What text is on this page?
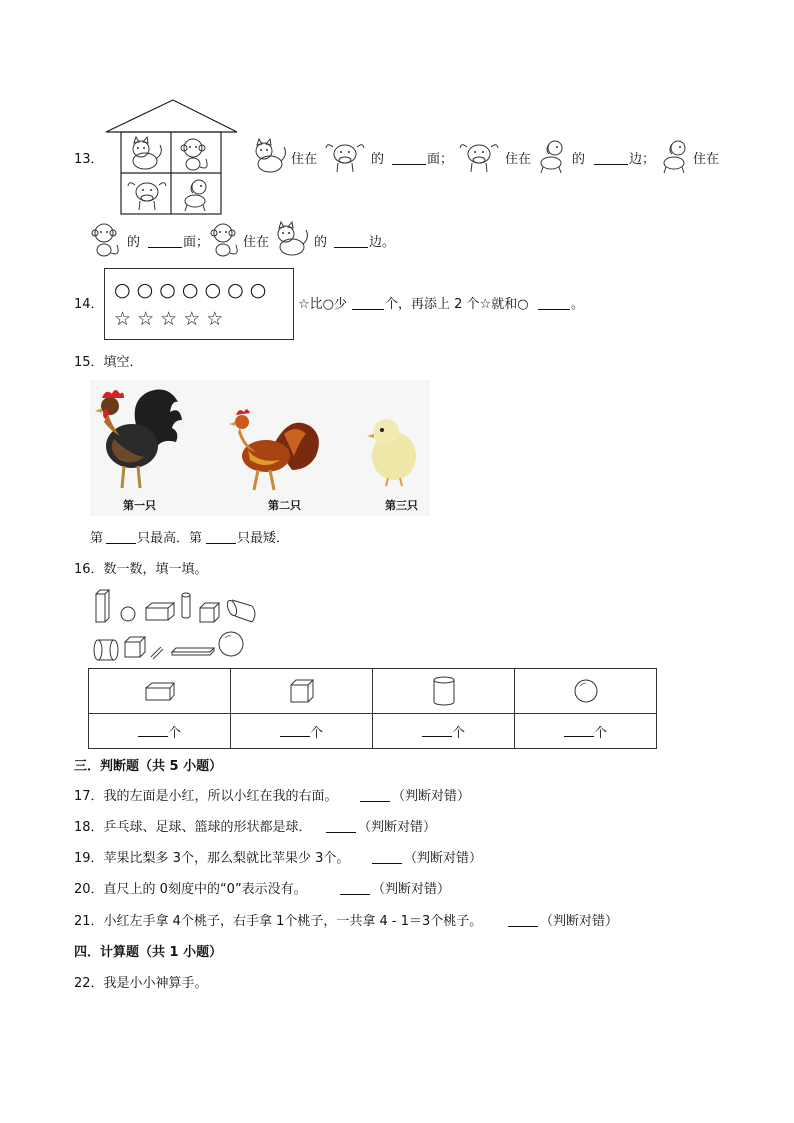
13．	住在	的	面；	住在	的	边；	住在
的	面；	住在	的	边。
14．
○ ○ ○ ○ ○ ○ ○
☆ ☆ ☆ ☆ ☆
☆比○少	个，再添上 2 个☆就和○	。
15．填空．
第一只	第二只	第三只
第	只最高．第	只最矮．
16．数一数，填一填。

个	个	个	个
三．判断题（共 5 小题）
17．我的左面是小红，所以小红在我的右面。	（判断对错）
18．乒乓球、足球、篮球的形状都是球．	（判断对错）
19．苹果比梨多 3个，那么梨就比苹果少 3个。	（判断对错）
20．直尺上的 0刻度中的“0”表示没有。	（判断对错）
21．小红左手拿 4个桃子，右手拿 1个桃子，一共拿 4 - 1＝3个桃子。	（判断对错）
四．计算题（共 1 小题）
22．我是小小神算手。
